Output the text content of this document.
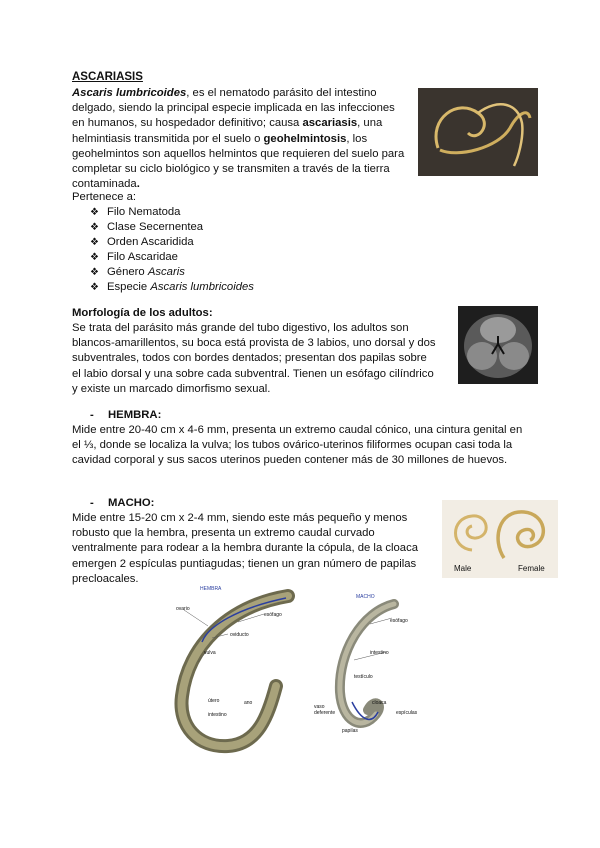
ASCARIASIS
Ascaris lumbricoides, es el nematodo parásito del intestino delgado, siendo la principal especie implicada en las infecciones en humanos, su hospedador definitivo; causa ascariasis, una helmintiasis transmitida por el suelo o geohelmintosis, los geohelmintos son aquellos helmintos que requieren del suelo para completar su ciclo biológico y se transmiten a través de la tierra contaminada.
Pertenece a:
❖ Filo Nematoda
❖ Clase Secernentea
❖ Orden Ascaridida
❖ Filo Ascaridae
❖ Género Ascaris
❖ Especie Ascaris lumbricoides
Morfología de los adultos:
Se trata del parásito más grande del tubo digestivo, los adultos son blancos-amarillentos, su boca está provista de 3 labios, uno dorsal y dos subventrales, todos con bordes dentados; presentan dos papilas sobre el labio dorsal y una sobre cada subventral. Tienen un esófago cilíndrico y existe un marcado dimorfismo sexual.
- HEMBRA:
Mide entre 20-40 cm x 4-6 mm, presenta un extremo caudal cónico, una cintura genital en el ⅓, donde se localiza la vulva; los tubos ovárico-uterinos filiformes ocupan casi toda la cavidad corporal y sus sacos uterinos pueden contener más de 30 millones de huevos.
- MACHO:
Mide entre 15-20 cm x 2-4 mm, siendo este más pequeño y menos robusto que la hembra, presenta un extremo caudal curvado ventralmente para rodear a la hembra durante la cópula, de la cloaca emergen 2 espículas puntiagudas; tienen un gran número de papilas precloacales.
Male	Female
HEMBRA
ovario
esófago
vulva
útero
oviducto
ano
intestino
MACHO
esófago
intestino
testículo
vaso deferente
cloaca
espículas
papilas
